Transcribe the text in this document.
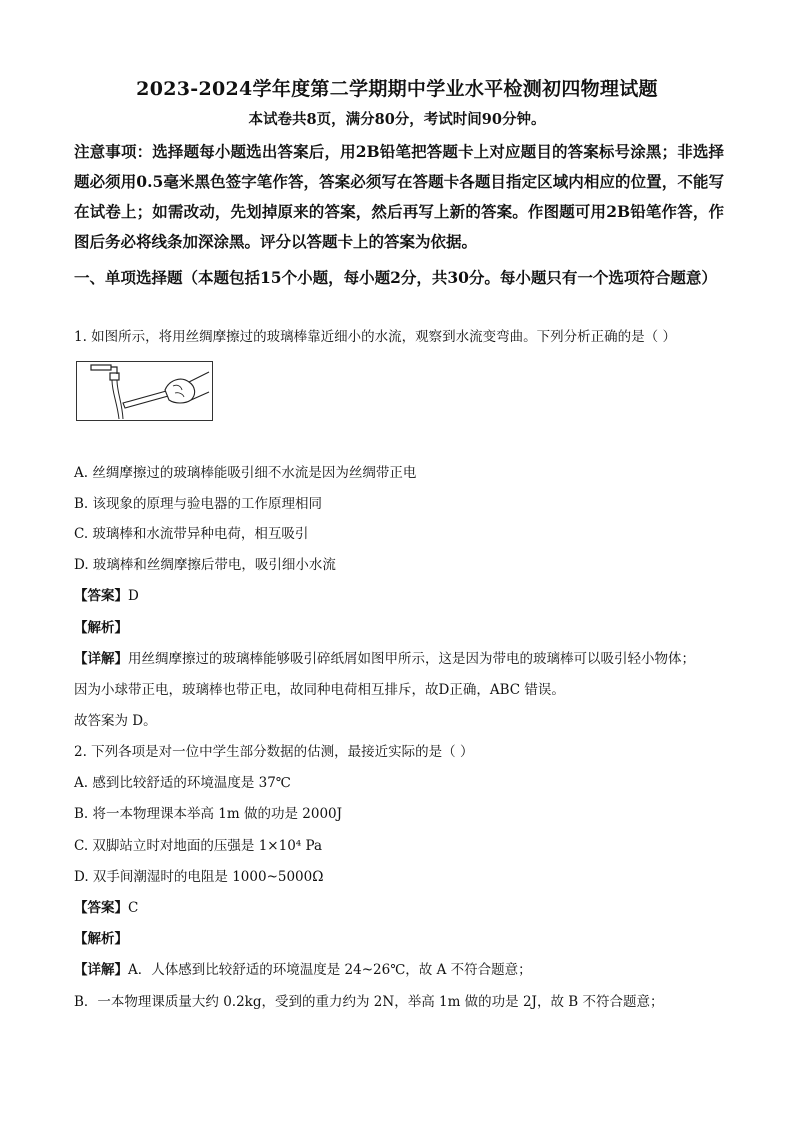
2023-2024学年度第二学期期中学业水平检测初四物理试题
本试卷共8页，满分80分，考试时间90分钟。
注意事项：选择题每小题选出答案后，用2B铅笔把答题卡上对应题目的答案标号涂黑；非选择题必须用0.5毫米黑色签字笔作答，答案必须写在答题卡各题目指定区域内相应的位置，不能写在试卷上；如需改动，先划掉原来的答案，然后再写上新的答案。作图题可用2B铅笔作答，作图后务必将线条加深涂黑。评分以答题卡上的答案为依据。
一、单项选择题（本题包括15个小题，每小题2分，共30分。每小题只有一个选项符合题意）
1. 如图所示，将用丝绸摩擦过的玻璃棒靠近细小的水流，观察到水流变弯曲。下列分析正确的是（ ）
A. 丝绸摩擦过的玻璃棒能吸引细不水流是因为丝绸带正电
B. 该现象的原理与验电器的工作原理相同
C. 玻璃棒和水流带异种电荷，相互吸引
D. 玻璃棒和丝绸摩擦后带电，吸引细小水流
【答案】D
【解析】
【详解】用丝绸摩擦过的玻璃棒能够吸引碎纸屑如图甲所示，这是因为带电的玻璃棒可以吸引轻小物体；
因为小球带正电，玻璃棒也带正电，故同种电荷相互排斥，故D正确，ABC 错误。
故答案为 D。
2. 下列各项是对一位中学生部分数据的估测，最接近实际的是（ ）
A. 感到比较舒适的环境温度是 37℃
B. 将一本物理课本举高 1m 做的功是 2000J
C. 双脚站立时对地面的压强是 1×10⁴ Pa
D. 双手间潮湿时的电阻是 1000~5000Ω
【答案】C
【解析】
【详解】A．人体感到比较舒适的环境温度是 24~26℃，故 A 不符合题意；
B．一本物理课质量大约 0.2kg，受到的重力约为 2N，举高 1m 做的功是 2J，故 B 不符合题意；
